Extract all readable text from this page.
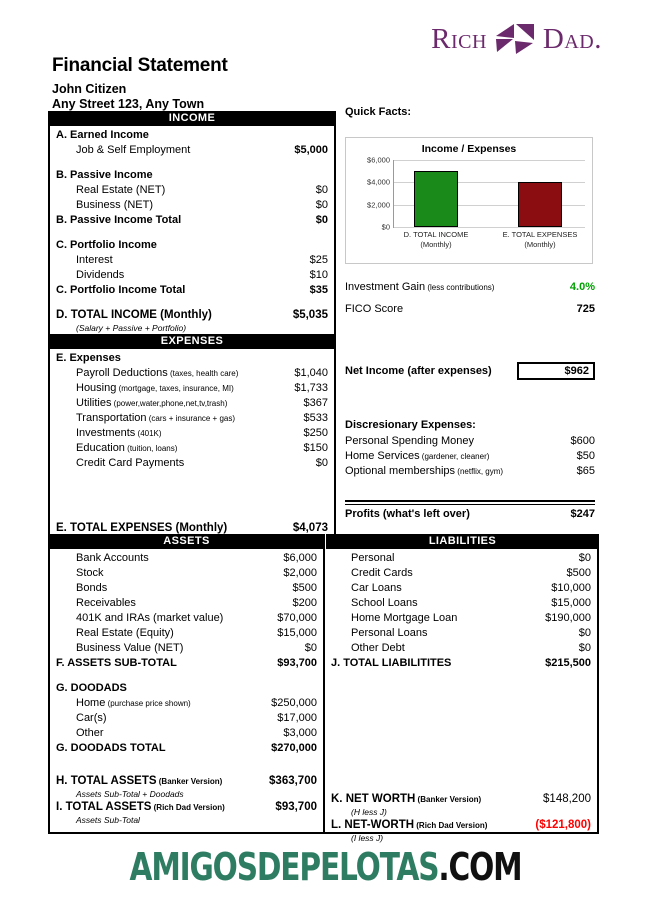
Rich Dad.
Financial Statement
John Citizen
Any Street 123, Any Town
INCOME
A. Earned Income
Job & Self Employment	$5,000
B. Passive Income
Real Estate (NET)	$0
Business (NET)	$0
B. Passive Income Total	$0
C. Portfolio Income
Interest	$25
Dividends	$10
C. Portfolio Income Total	$35
D. TOTAL INCOME (Monthly)	$5,035
(Salary + Passive + Portfolio)
EXPENSES
E. Expenses
Payroll Deductions (taxes, health care)	$1,040
Housing (mortgage, taxes, insurance, MI)	$1,733
Utilities (power,water,phone,net,tv,trash)	$367
Transportation (cars + insurance + gas)	$533
Investments (401K)	$250
Education (tuition, loans)	$150
Credit Card Payments	$0
E. TOTAL EXPENSES (Monthly)	$4,073
Quick Facts:
Income / Expenses
$6,000
$4,000
$2,000
$0
D. TOTAL INCOME
(Monthly)
E. TOTAL EXPENSES
(Monthly)
Investment Gain (less contributions)	4.0%
FICO Score	725
Net Income (after expenses)	$962
Discresionary Expenses:
Personal Spending Money	$600
Home Services (gardener, cleaner)	$50
Optional memberships (netflix, gym)	$65
Profits (what's left over)	$247
ASSETS	LIABILITIES
Bank Accounts	$6,000
Stock	$2,000
Bonds	$500
Receivables	$200
401K and IRAs (market value)	$70,000
Real Estate (Equity)	$15,000
Business Value (NET)	$0
F. ASSETS SUB-TOTAL	$93,700
G. DOODADS
Home (purchase price shown)	$250,000
Car(s)	$17,000
Other	$3,000
G. DOODADS TOTAL	$270,000
H. TOTAL ASSETS (Banker Version)	$363,700
Assets Sub-Total + Doodads
I. TOTAL ASSETS (Rich Dad Version)	$93,700
Assets Sub-Total
Personal	$0
Credit Cards	$500
Car Loans	$10,000
School Loans	$15,000
Home Mortgage Loan	$190,000
Personal Loans	$0
Other Debt	$0
J. TOTAL LIABILITITES	$215,500
K. NET WORTH (Banker Version)	$148,200
(H less J)
L. NET-WORTH (Rich Dad Version)	($121,800)
(I less J)
AMIGOSDEPELOTAS.COM
